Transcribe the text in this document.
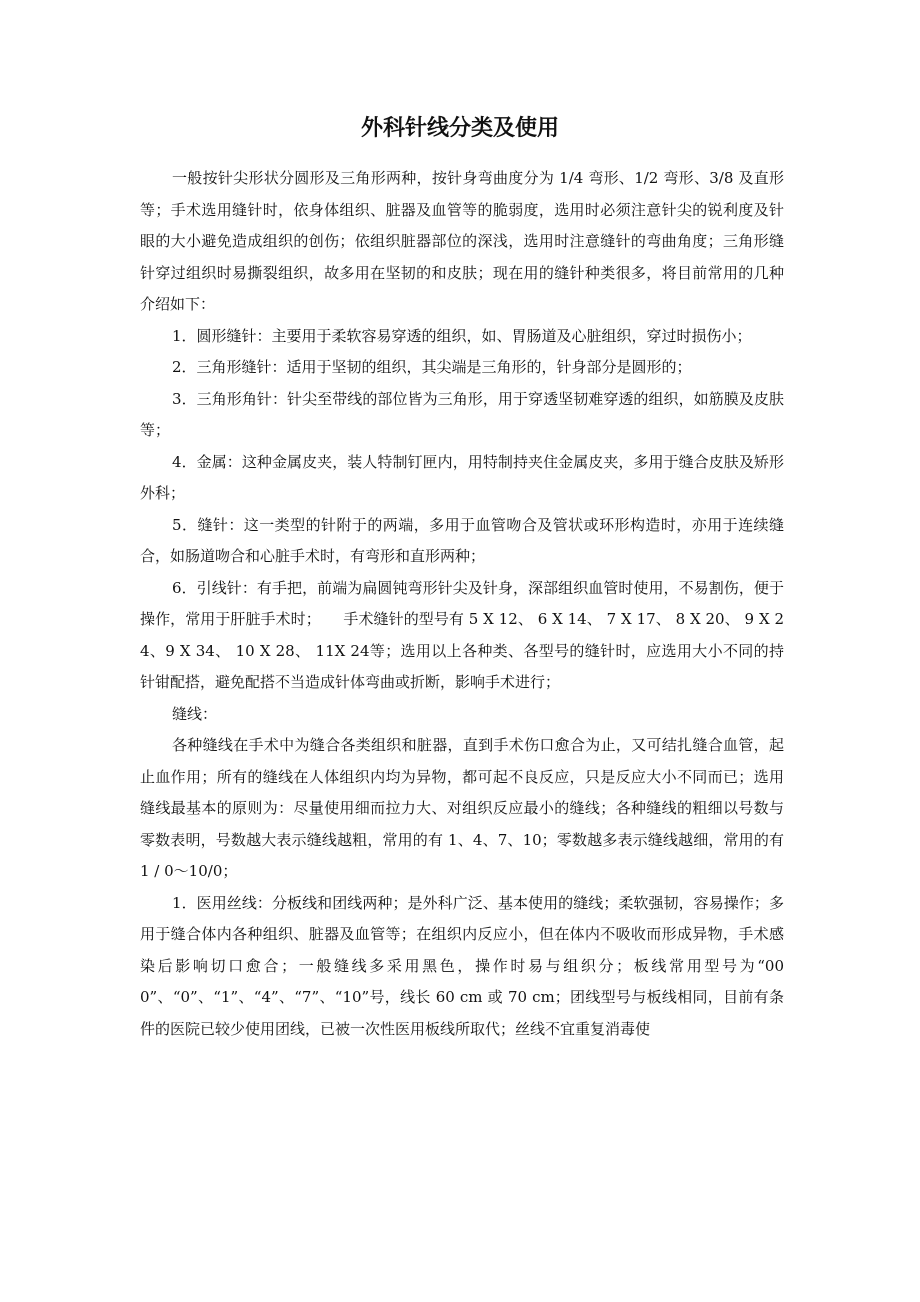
外科针线分类及使用

一般按针尖形状分圆形及三角形两种，按针身弯曲度分为 1/4 弯形、1/2 弯形、3/8 及直形等；手术选用缝针时，依身体组织、脏器及血管等的脆弱度，选用时必须注意针尖的锐利度及针眼的大小避免造成组织的创伤；依组织脏器部位的深浅，选用时注意缝针的弯曲角度；三角形缝针穿过组织时易撕裂组织，故多用在坚韧的和皮肤；现在用的缝针种类很多，将目前常用的几种介绍如下：

1．圆形缝针：主要用于柔软容易穿透的组织，如、胃肠道及心脏组织，穿过时损伤小；

2．三角形缝针：适用于坚韧的组织，其尖端是三角形的，针身部分是圆形的；

3．三角形角针：针尖至带线的部位皆为三角形，用于穿透坚韧难穿透的组织，如筋膜及皮肤等；

4．金属：这种金属皮夹，装人特制钉匣内，用特制持夹住金属皮夹，多用于缝合皮肤及矫形外科；

5．缝针：这一类型的针附于的两端，多用于血管吻合及管状或环形构造时，亦用于连续缝合，如肠道吻合和心脏手术时，有弯形和直形两种；

6．引线针：有手把，前端为扁圆钝弯形针尖及针身，深部组织血管时使用，不易割伤，便于操作，常用于肝脏手术时；　　手术缝针的型号有 5 X 12、 6 X 14、 7 X 17、 8 X 20、 9 X 24、9 X 34、 10 X 28、 11X 24等；选用以上各种类、各型号的缝针时，应选用大小不同的持针钳配搭，避免配搭不当造成针体弯曲或折断，影响手术进行；

缝线：

各种缝线在手术中为缝合各类组织和脏器，直到手术伤口愈合为止，又可结扎缝合血管，起止血作用；所有的缝线在人体组织内均为异物，都可起不良反应，只是反应大小不同而已；选用缝线最基本的原则为：尽量使用细而拉力大、对组织反应最小的缝线；各种缝线的粗细以号数与零数表明，号数越大表示缝线越粗，常用的有 1、4、7、10；零数越多表示缝线越细，常用的有 1 / 0～10/0；

1．医用丝线：分板线和团线两种；是外科广泛、基本使用的缝线；柔软强韧，容易操作；多用于缝合体内各种组织、脏器及血管等；在组织内反应小，但在体内不吸收而形成异物，手术感染后影响切口愈合；一般缝线多采用黑色，操作时易与组织分；板线常用型号为“000”、“0”、“1”、“4”、“7”、“10”号，线长 60 cm 或 70 cm；团线型号与板线相同，目前有条件的医院已较少使用团线，已被一次性医用板线所取代；丝线不宜重复消毒使
